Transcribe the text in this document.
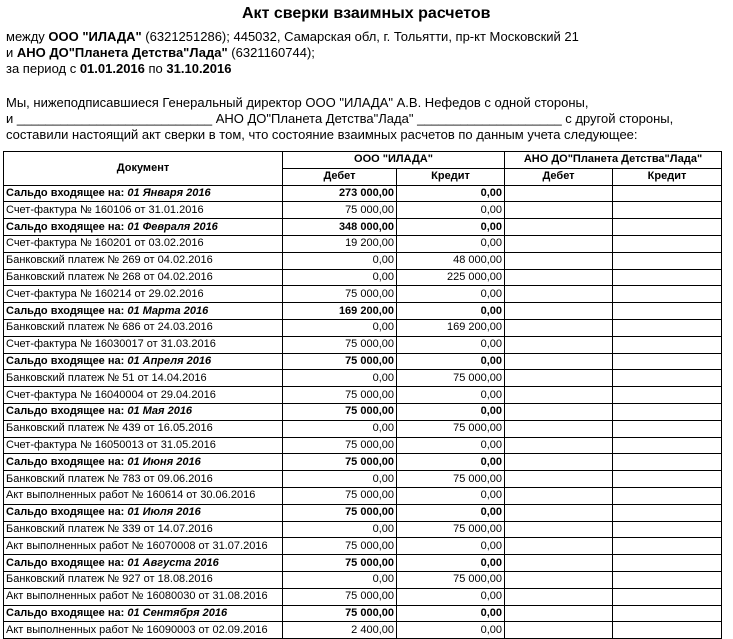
Акт сверки взаимных расчетов
между ООО "ИЛАДА" (6321251286); 445032, Самарская обл, г. Тольятти, пр-кт Московский 21
и АНО ДО"Планета Детства"Лада" (6321160744);
за период с 01.01.2016 по 31.10.2016
Мы, нижеподписавшиеся Генеральный директор ООО "ИЛАДА" А.В. Нефедов с одной стороны,
и ___________________________ АНО ДО"Планета Детства"Лада" ____________________ с другой стороны,
составили настоящий акт сверки в том, что состояние взаимных расчетов по данным учета следующее:
Документ	ООО "ИЛАДА"		АНО ДО"Планета Детства"Лада"	
	Дебет	Кредит	Дебет	Кредит
Сальдо входящее на: 01 Января 2016	273 000,00	0,00		
Счет-фактура № 160106 от 31.01.2016	75 000,00	0,00		
Сальдо входящее на: 01 Февраля 2016	348 000,00	0,00		
Счет-фактура № 160201 от 03.02.2016	19 200,00	0,00		
Банковский платеж № 269 от 04.02.2016	0,00	48 000,00		
Банковский платеж № 268 от 04.02.2016	0,00	225 000,00		
Счет-фактура № 160214 от 29.02.2016	75 000,00	0,00		
Сальдо входящее на: 01 Марта 2016	169 200,00	0,00		
Банковский платеж № 686 от 24.03.2016	0,00	169 200,00		
Счет-фактура № 16030017 от 31.03.2016	75 000,00	0,00		
Сальдо входящее на: 01 Апреля 2016	75 000,00	0,00		
Банковский платеж № 51 от 14.04.2016	0,00	75 000,00		
Счет-фактура № 16040004 от 29.04.2016	75 000,00	0,00		
Сальдо входящее на: 01 Мая 2016	75 000,00	0,00		
Банковский платеж № 439 от 16.05.2016	0,00	75 000,00		
Счет-фактура № 16050013 от 31.05.2016	75 000,00	0,00		
Сальдо входящее на: 01 Июня 2016	75 000,00	0,00		
Банковский платеж № 783 от 09.06.2016	0,00	75 000,00		
Акт выполненных работ № 160614 от 30.06.2016	75 000,00	0,00		
Сальдо входящее на: 01 Июля 2016	75 000,00	0,00		
Банковский платеж № 339 от 14.07.2016	0,00	75 000,00		
Акт выполненных работ № 16070008 от 31.07.2016	75 000,00	0,00		
Сальдо входящее на: 01 Августа 2016	75 000,00	0,00		
Банковский платеж № 927 от 18.08.2016	0,00	75 000,00		
Акт выполненных работ № 16080030 от 31.08.2016	75 000,00	0,00		
Сальдо входящее на: 01 Сентября 2016	75 000,00	0,00		
Акт выполненных работ № 16090003 от 02.09.2016	2 400,00	0,00		
